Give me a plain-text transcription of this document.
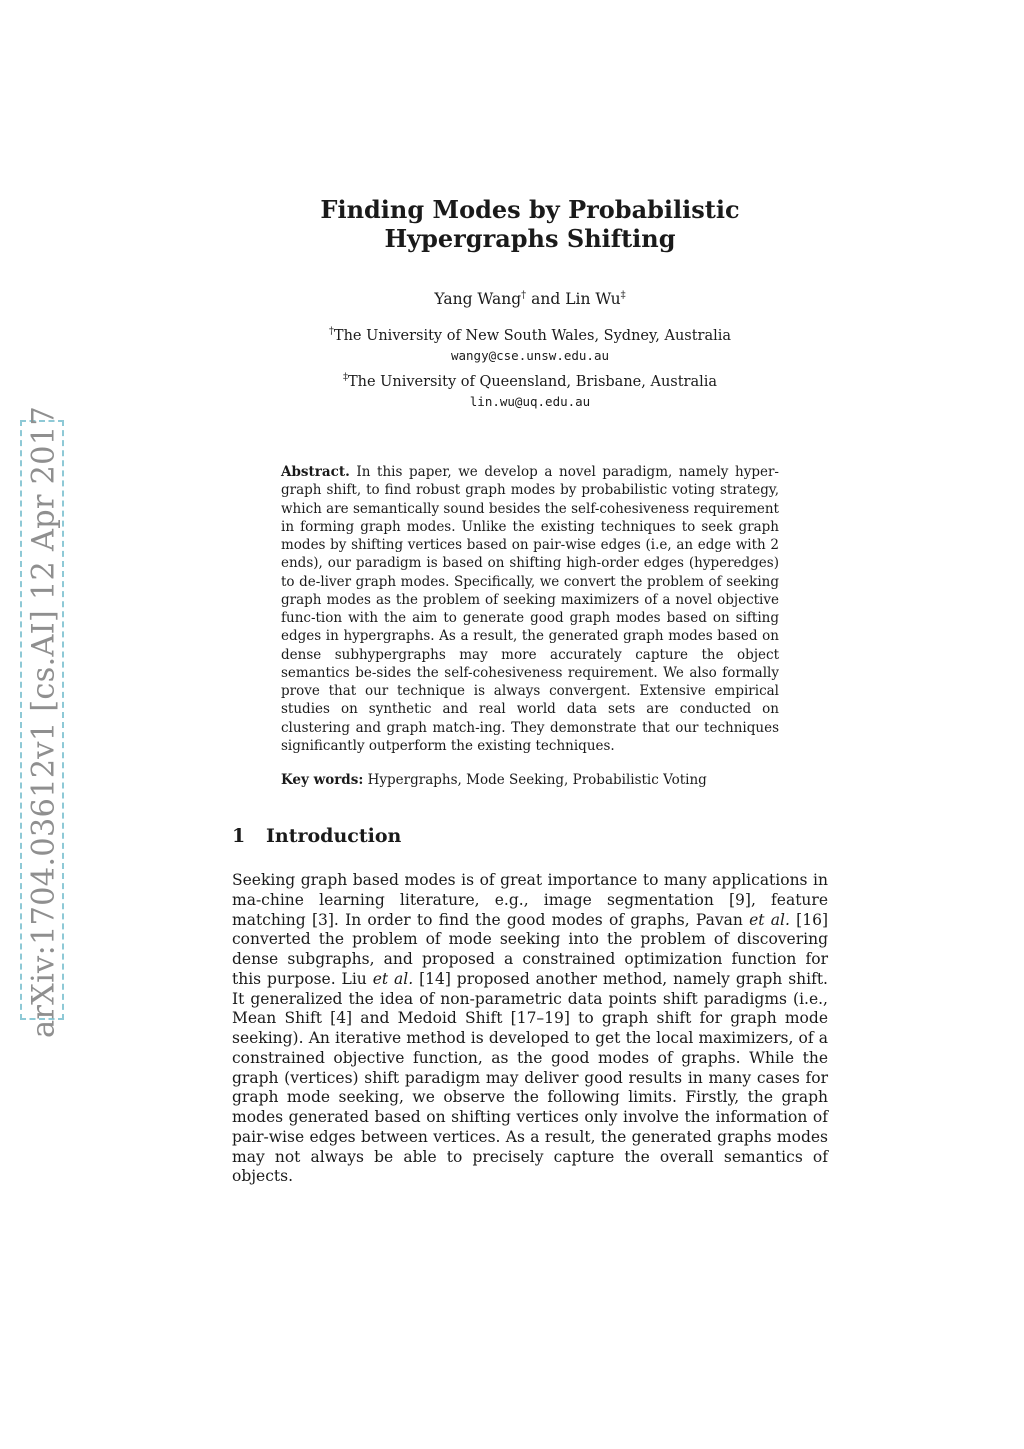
arXiv:1704.03612v1 [cs.AI] 12 Apr 2017
Finding Modes by Probabilistic Hypergraphs Shifting
Yang Wang† and Lin Wu‡
†The University of New South Wales, Sydney, Australia
wangy@cse.unsw.edu.au
‡The University of Queensland, Brisbane, Australia
lin.wu@uq.edu.au

Abstract. In this paper, we develop a novel paradigm, namely hyper-graph shift, to find robust graph modes by probabilistic voting strategy, which are semantically sound besides the self-cohesiveness requirement in forming graph modes. Unlike the existing techniques to seek graph modes by shifting vertices based on pair-wise edges (i.e, an edge with 2 ends), our paradigm is based on shifting high-order edges (hyperedges) to de-liver graph modes. Specifically, we convert the problem of seeking graph modes as the problem of seeking maximizers of a novel objective func-tion with the aim to generate good graph modes based on sifting edges in hypergraphs. As a result, the generated graph modes based on dense subhypergraphs may more accurately capture the object semantics be-sides the self-cohesiveness requirement. We also formally prove that our technique is always convergent. Extensive empirical studies on synthetic and real world data sets are conducted on clustering and graph match-ing. They demonstrate that our techniques significantly outperform the existing techniques.

Key words: Hypergraphs, Mode Seeking, Probabilistic Voting

1 Introduction

Seeking graph based modes is of great importance to many applications in ma-chine learning literature, e.g., image segmentation [9], feature matching [3]. In order to find the good modes of graphs, Pavan et al. [16] converted the problem of mode seeking into the problem of discovering dense subgraphs, and proposed a constrained optimization function for this purpose. Liu et al. [14] proposed another method, namely graph shift. It generalized the idea of non-parametric data points shift paradigms (i.e., Mean Shift [4] and Medoid Shift [17–19] to graph shift for graph mode seeking). An iterative method is developed to get the local maximizers, of a constrained objective function, as the good modes of graphs. While the graph (vertices) shift paradigm may deliver good results in many cases for graph mode seeking, we observe the following limits. Firstly, the graph modes generated based on shifting vertices only involve the information of pair-wise edges between vertices. As a result, the generated graphs modes may not always be able to precisely capture the overall semantics of objects.
